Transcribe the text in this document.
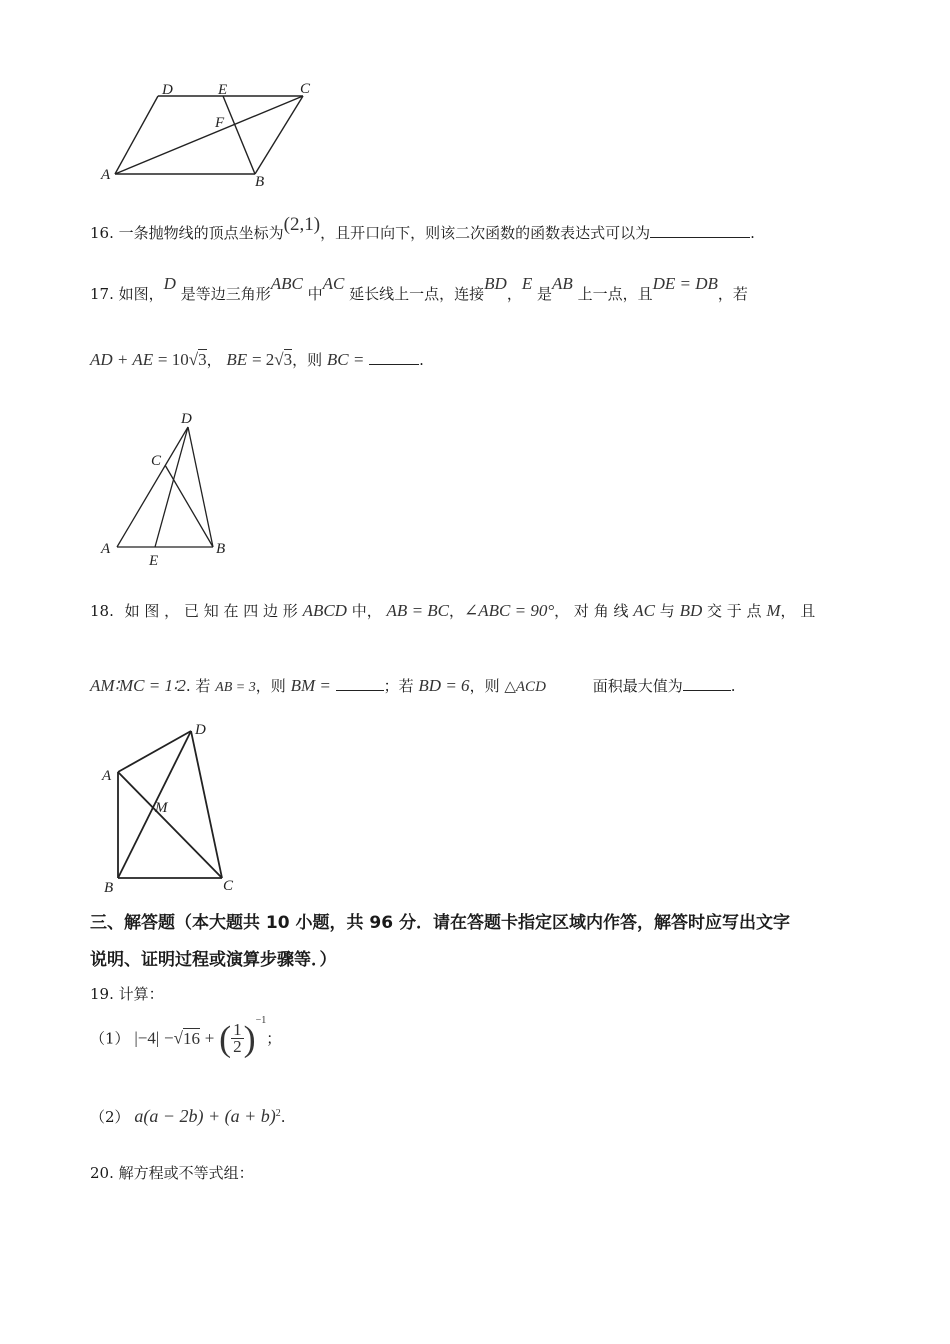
D	E	C
F
A	B
16. 一条抛物线的顶点坐标为(2,1)，且开口向下，则该二次函数的函数表达式可以为	.
17. 如图，D 是等边三角形ABC 中AC 延长线上一点，连接BD，E 是AB 上一点，且DE = DB，若
AD + AE = 10√3， BE = 2√3，则 BC =	.
D
C
A	B
E
18. 如 图 ， 已 知 在 四 边 形 ABCD 中， AB = BC，∠ABC = 90°， 对 角 线 AC 与 BD 交 于 点 M， 且
AM∶MC = 1∶2. 若 AB = 3，则 BM =	；若 BD = 6，则 △ACD	面积最大值为	.
D
A
M
B	C
三、解答题（本大题共 10 小题，共 96 分．请在答题卡指定区域内作答，解答时应写出文字
说明、证明过程或演算步骤等．）
19. 计算：
（1） |−4| −√16 + ( $\frac{1}{2} )^{-1}$；
（2） $a(a - 2b) + (a + b)^2$.
20. 解方程或不等式组：
